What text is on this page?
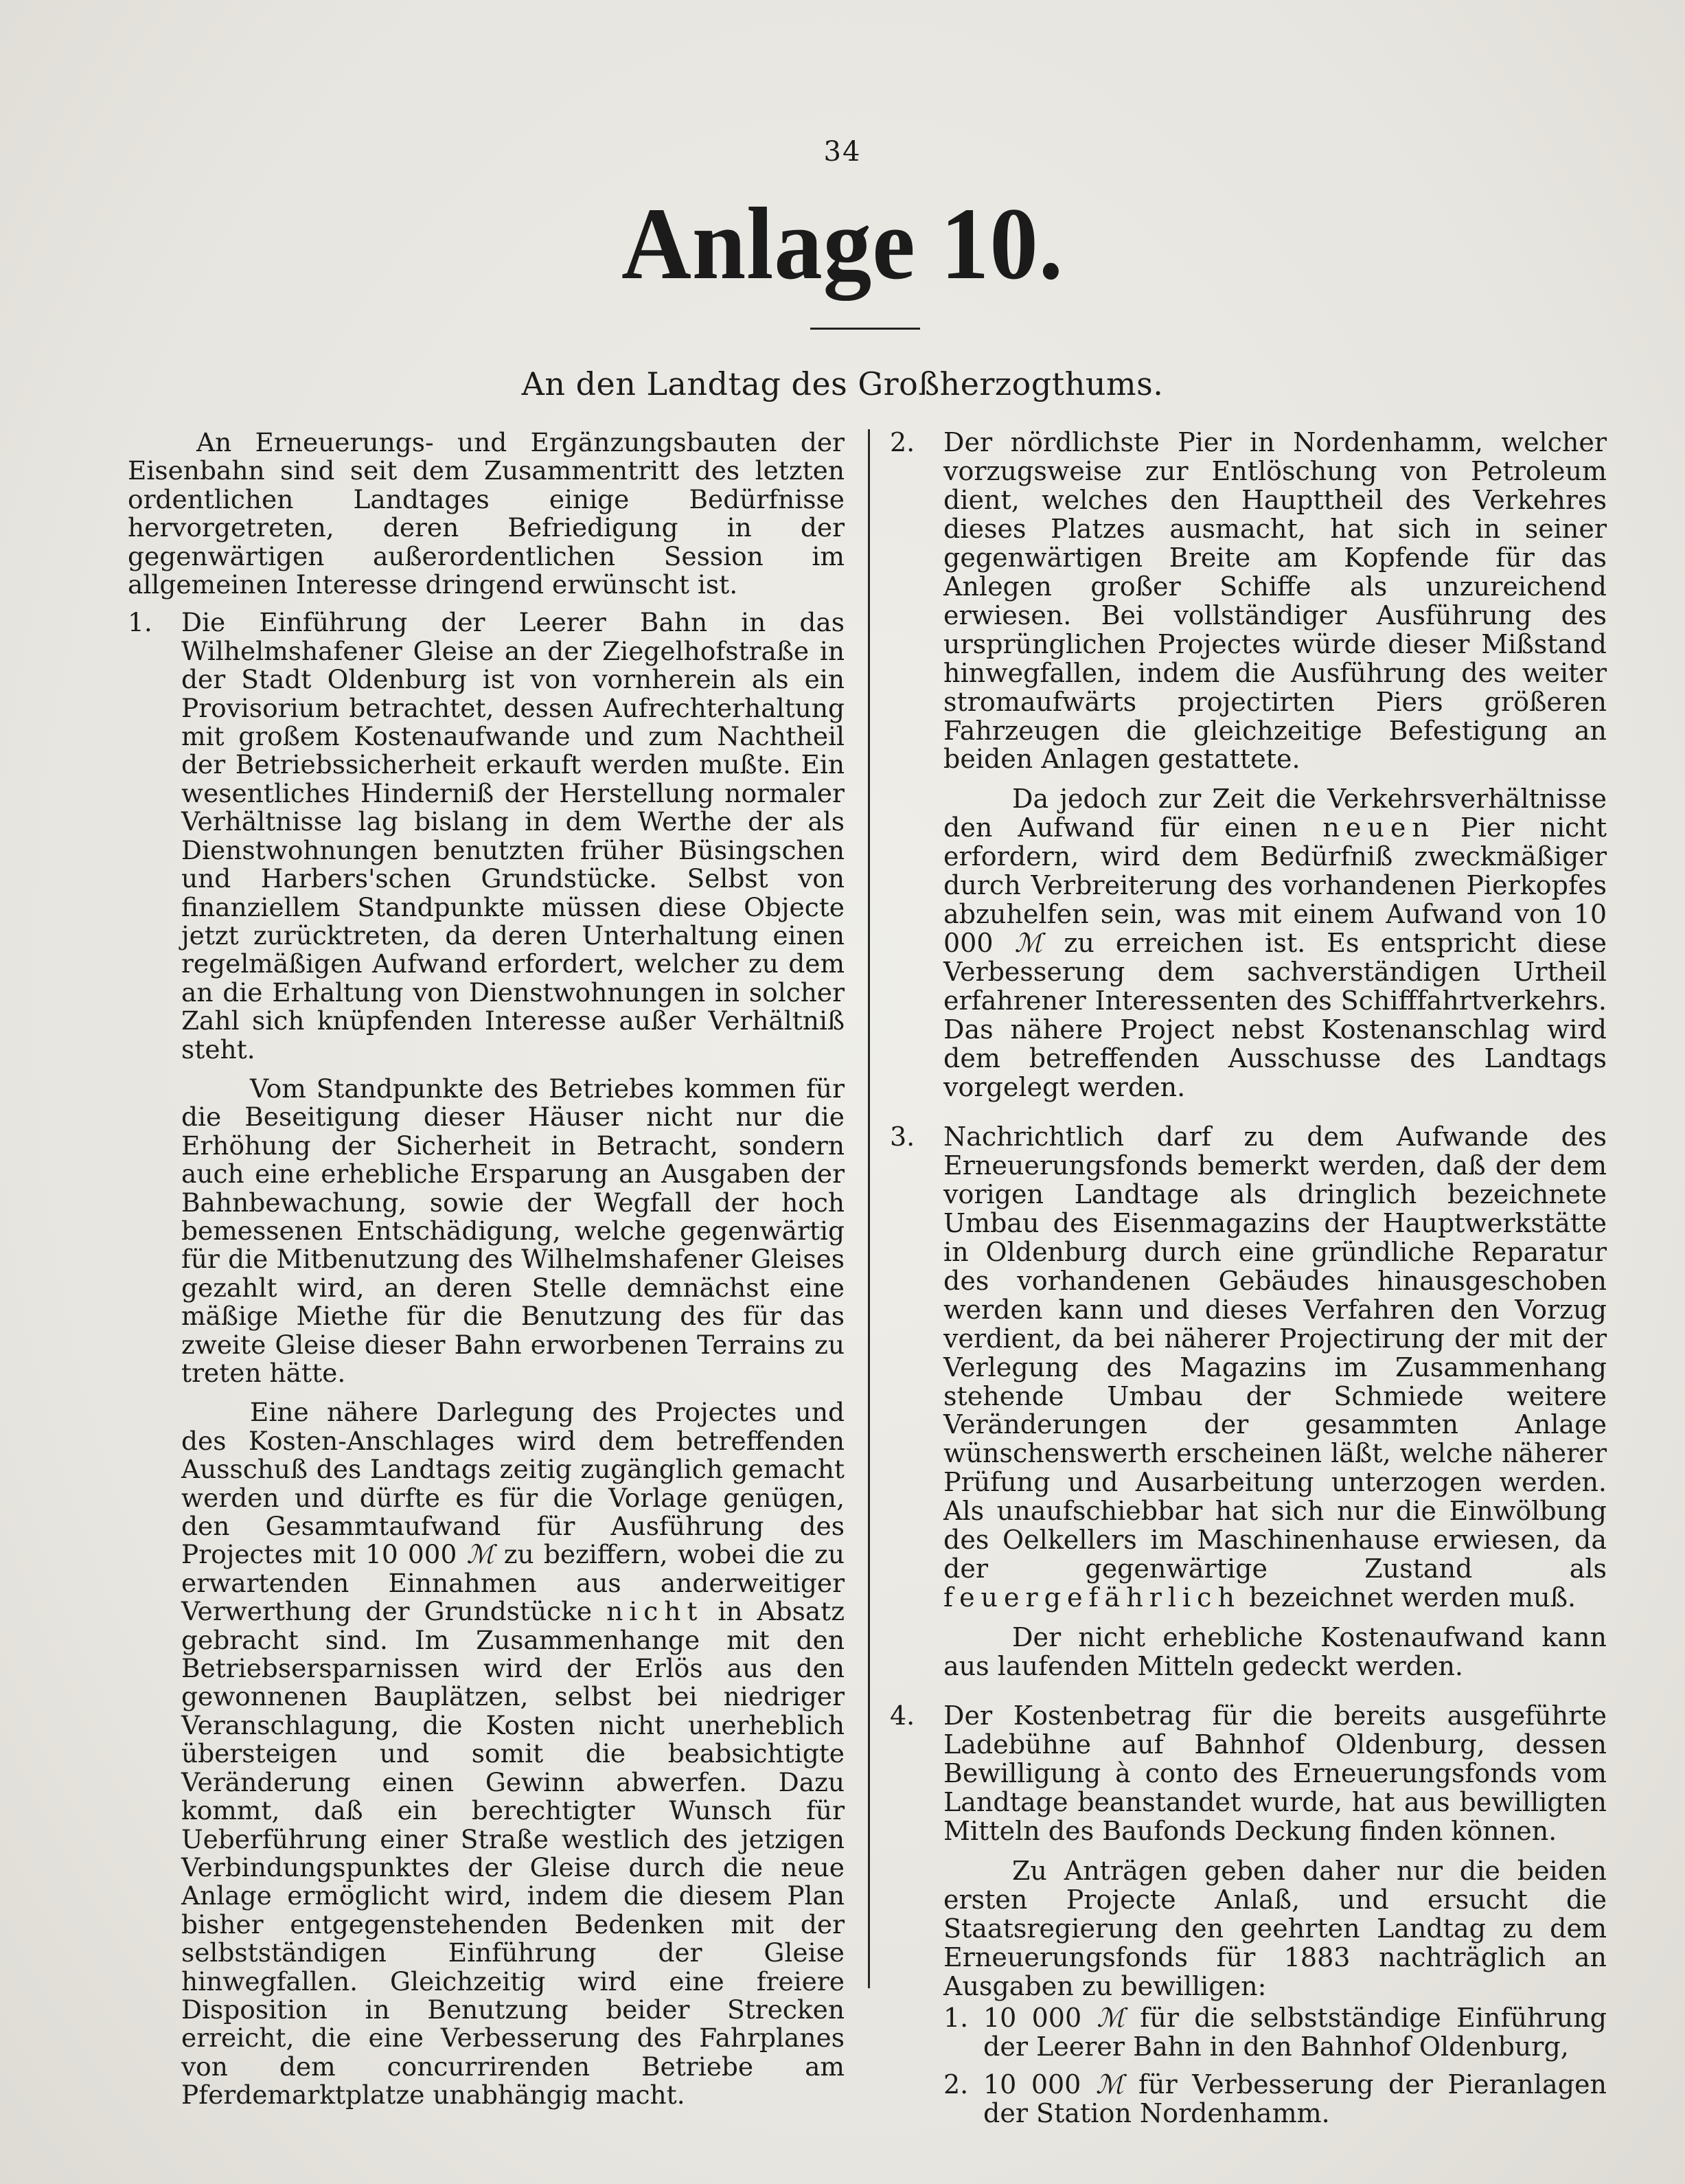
34
Anlage 10.
An den Landtag des Großherzogthums.

An Erneuerungs- und Ergänzungsbauten der Eisenbahn sind seit dem Zusammentritt des letzten ordentlichen Landtages einige Bedürfnisse hervorgetreten, deren Befriedigung in der gegenwärtigen außerordentlichen Session im allgemeinen Interesse dringend erwünscht ist.

1.	Die Einführung der Leerer Bahn in das Wilhelmshafener Gleise an der Ziegelhofstraße in der Stadt Oldenburg ist von vornherein als ein Provisorium betrachtet, dessen Aufrechterhaltung mit großem Kostenaufwande und zum Nachtheil der Betriebssicherheit erkauft werden mußte. Ein wesentliches Hinderniß der Herstellung normaler Verhältnisse lag bislang in dem Werthe der als Dienstwohnungen benutzten früher Büsingschen und Harbers'schen Grundstücke. Selbst von finanziellem Standpunkte müssen diese Objecte jetzt zurücktreten, da deren Unterhaltung einen regelmäßigen Aufwand erfordert, welcher zu dem an die Erhaltung von Dienstwohnungen in solcher Zahl sich knüpfenden Interesse außer Verhältniß steht.

Vom Standpunkte des Betriebes kommen für die Beseitigung dieser Häuser nicht nur die Erhöhung der Sicherheit in Betracht, sondern auch eine erhebliche Ersparung an Ausgaben der Bahnbewachung, sowie der Wegfall der hoch bemessenen Entschädigung, welche gegenwärtig für die Mitbenutzung des Wilhelmshafener Gleises gezahlt wird, an deren Stelle demnächst eine mäßige Miethe für die Benutzung des für das zweite Gleise dieser Bahn erworbenen Terrains zu treten hätte.

Eine nähere Darlegung des Projectes und des Kosten-Anschlages wird dem betreffenden Ausschuß des Landtags zeitig zugänglich gemacht werden und dürfte es für die Vorlage genügen, den Gesammtaufwand für Ausführung des Projectes mit 10 000 ℳ zu beziffern, wobei die zu erwartenden Einnahmen aus anderweitiger Verwerthung der Grundstücke nicht in Absatz gebracht sind. Im Zusammenhange mit den Betriebsersparnissen wird der Erlös aus den gewonnenen Bauplätzen, selbst bei niedriger Veranschlagung, die Kosten nicht unerheblich übersteigen und somit die beabsichtigte Veränderung einen Gewinn abwerfen. Dazu kommt, daß ein berechtigter Wunsch für Ueberführung einer Straße westlich des jetzigen Verbindungspunktes der Gleise durch die neue Anlage ermöglicht wird, indem die diesem Plan bisher entgegenstehenden Bedenken mit der selbstständigen Einführung der Gleise hinwegfallen. Gleichzeitig wird eine freiere Disposition in Benutzung beider Strecken erreicht, die eine Verbesserung des Fahrplanes von dem concurrirenden Betriebe am Pferdemarktplatze unabhängig macht.

2.	Der nördlichste Pier in Nordenhamm, welcher vorzugsweise zur Entlöschung von Petroleum dient, welches den Haupttheil des Verkehres dieses Platzes ausmacht, hat sich in seiner gegenwärtigen Breite am Kopfende für das Anlegen großer Schiffe als unzureichend erwiesen. Bei vollständiger Ausführung des ursprünglichen Projectes würde dieser Mißstand hinwegfallen, indem die Ausführung des weiter stromaufwärts projectirten Piers größeren Fahrzeugen die gleichzeitige Befestigung an beiden Anlagen gestattete.

Da jedoch zur Zeit die Verkehrsverhältnisse den Aufwand für einen neuen Pier nicht erfordern, wird dem Bedürfniß zweckmäßiger durch Verbreiterung des vorhandenen Pierkopfes abzuhelfen sein, was mit einem Aufwand von 10 000 ℳ zu erreichen ist. Es entspricht diese Verbesserung dem sachverständigen Urtheil erfahrener Interessenten des Schifffahrtverkehrs. Das nähere Project nebst Kostenanschlag wird dem betreffenden Ausschusse des Landtags vorgelegt werden.

3.	Nachrichtlich darf zu dem Aufwande des Erneuerungsfonds bemerkt werden, daß der dem vorigen Landtage als dringlich bezeichnete Umbau des Eisenmagazins der Hauptwerkstätte in Oldenburg durch eine gründliche Reparatur des vorhandenen Gebäudes hinausgeschoben werden kann und dieses Verfahren den Vorzug verdient, da bei näherer Projectirung der mit der Verlegung des Magazins im Zusammenhang stehende Umbau der Schmiede weitere Veränderungen der gesammten Anlage wünschenswerth erscheinen läßt, welche näherer Prüfung und Ausarbeitung unterzogen werden. Als unaufschiebbar hat sich nur die Einwölbung des Oelkellers im Maschinenhause erwiesen, da der gegenwärtige Zustand als feuergefährlich bezeichnet werden muß.

Der nicht erhebliche Kostenaufwand kann aus laufenden Mitteln gedeckt werden.

4.	Der Kostenbetrag für die bereits ausgeführte Ladebühne auf Bahnhof Oldenburg, dessen Bewilligung à conto des Erneuerungsfonds vom Landtage beanstandet wurde, hat aus bewilligten Mitteln des Baufonds Deckung finden können.

Zu Anträgen geben daher nur die beiden ersten Projecte Anlaß, und ersucht die Staatsregierung den geehrten Landtag zu dem Erneuerungsfonds für 1883 nachträglich an Ausgaben zu bewilligen:

1. 10 000 ℳ für die selbstständige Einführung der Leerer Bahn in den Bahnhof Oldenburg,
2. 10 000 ℳ für Verbesserung der Pieranlagen der Station Nordenhamm.
